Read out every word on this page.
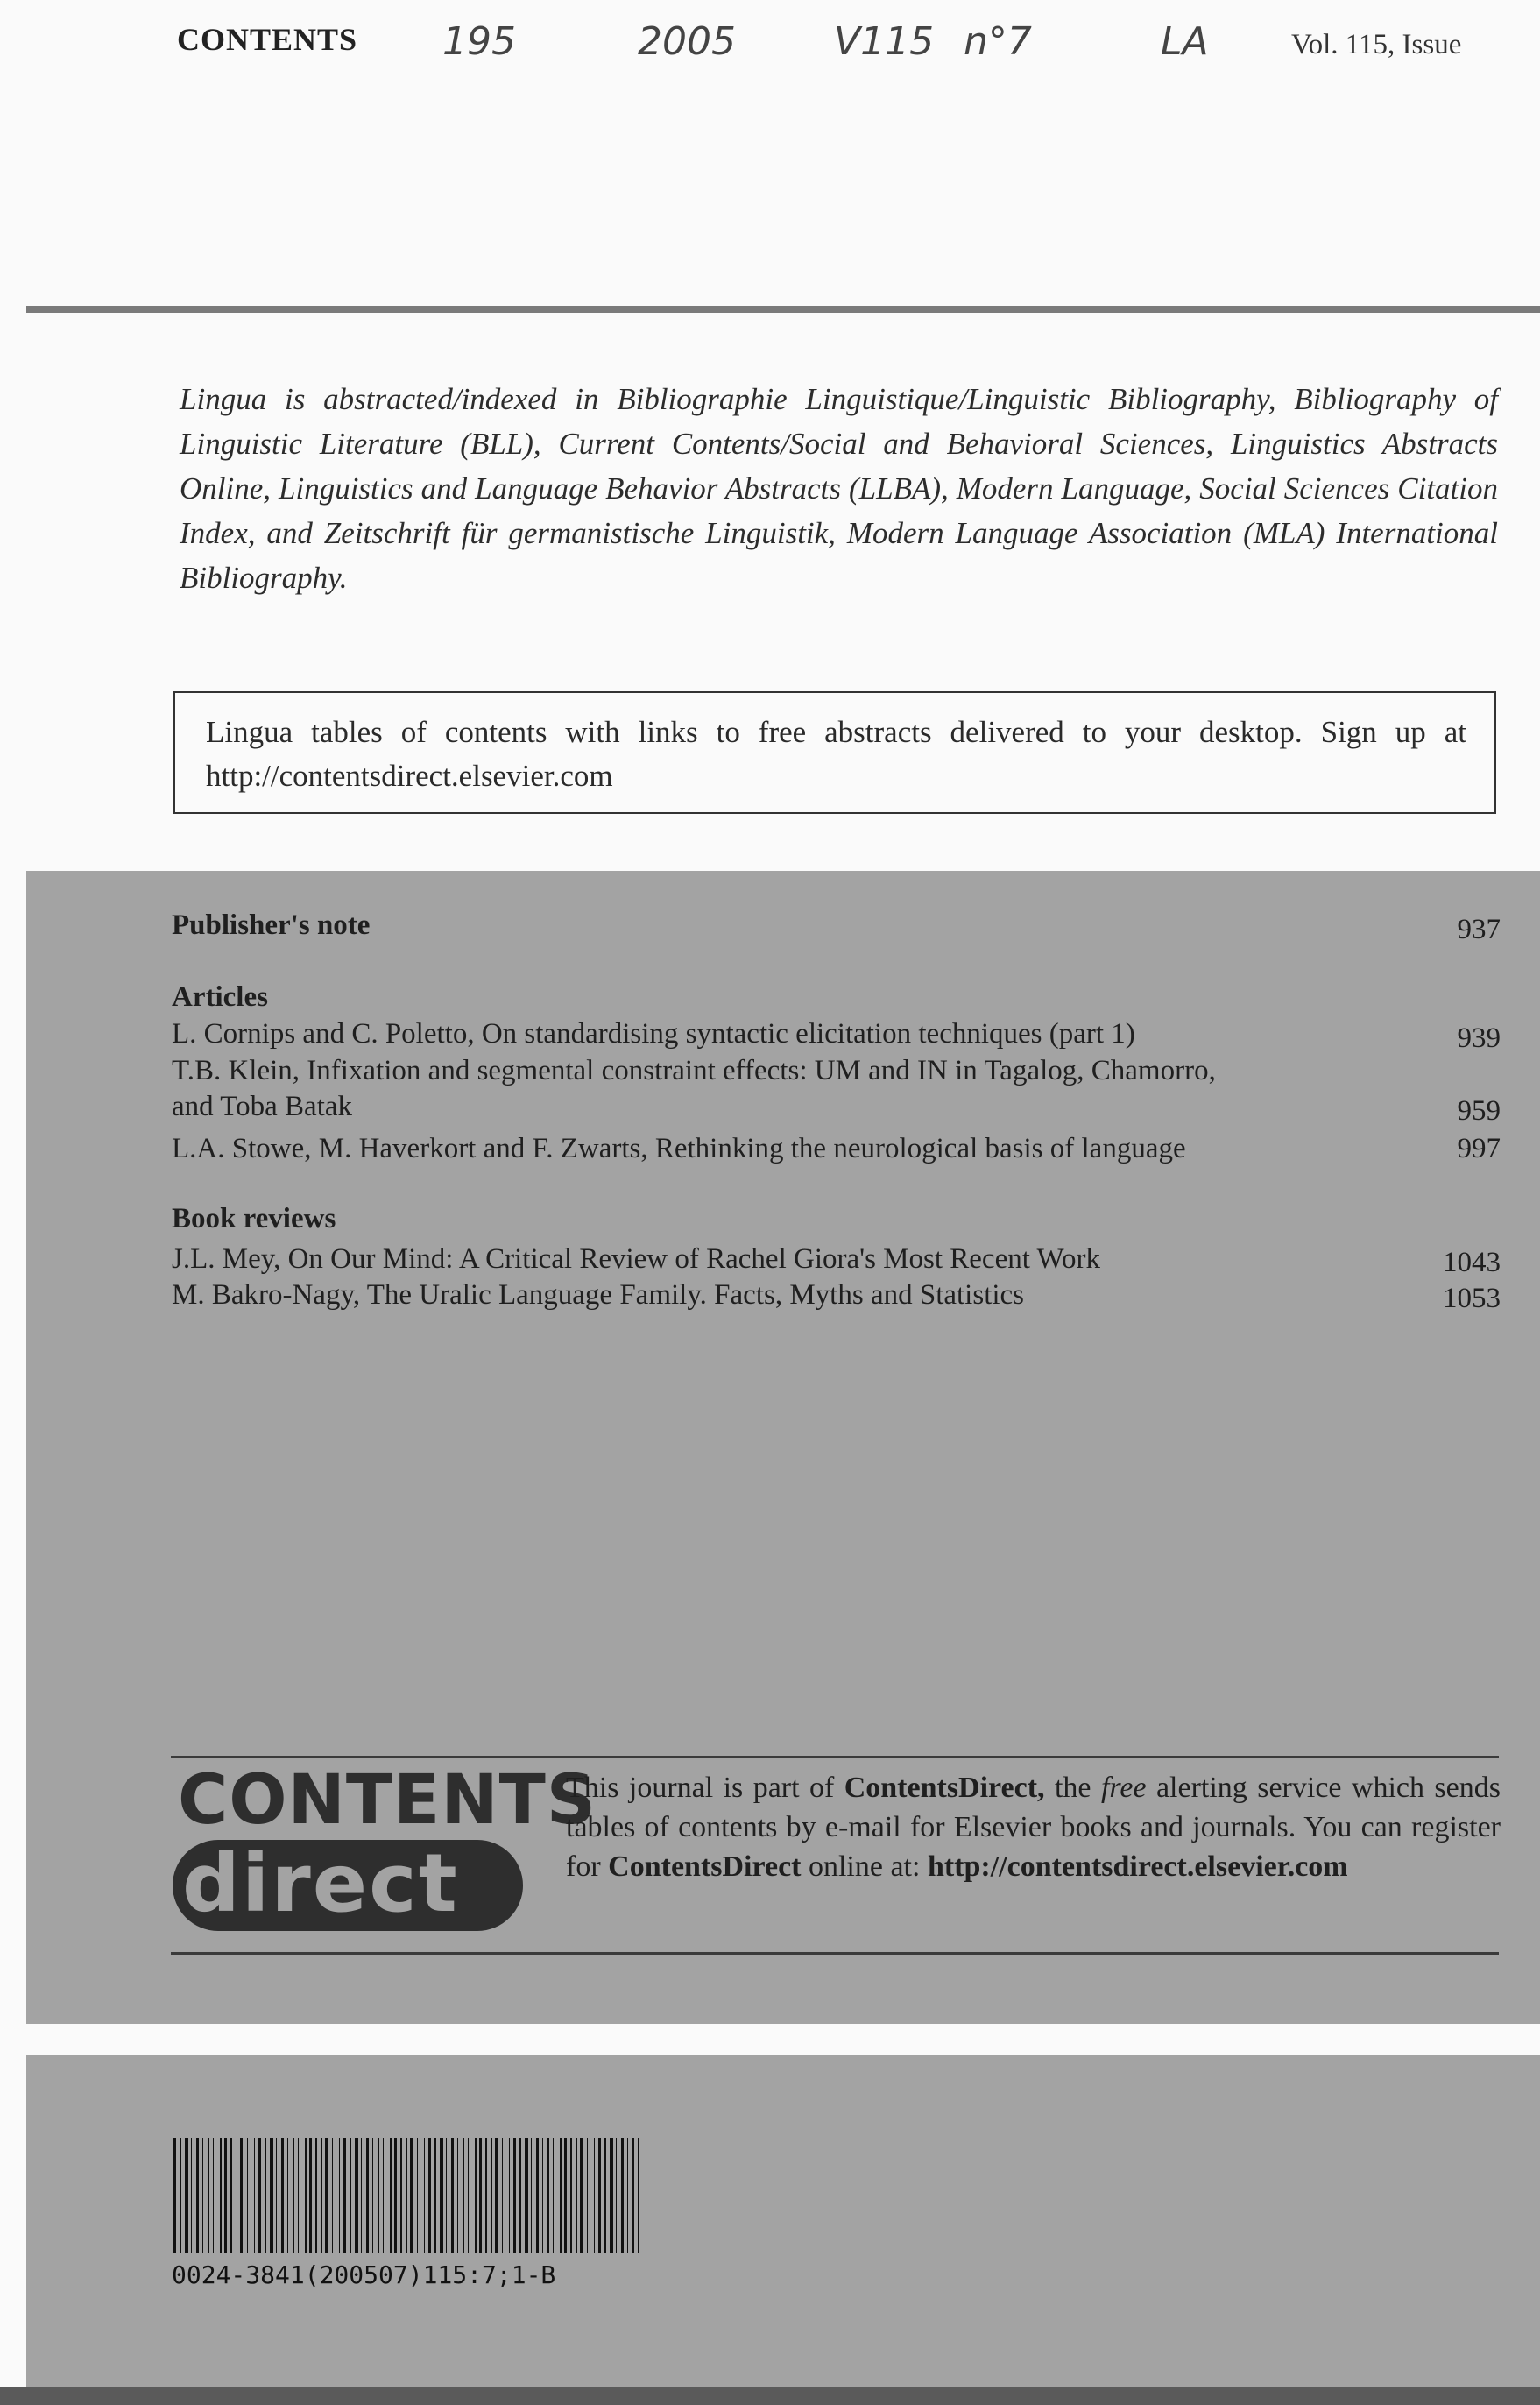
CONTENTS 195	2005	V115 n°7	LA	Vol. 115, Issue
Lingua is abstracted/indexed in Bibliographie Linguistique/Linguistic Bibliography, Bibliography of Linguistic Literature (BLL), Current Contents/Social and Behavioral Sciences, Linguistics Abstracts Online, Linguistics and Language Behavior Abstracts (LLBA), Modern Language, Social Sciences Citation Index, and Zeitschrift für germanistische Linguistik, Modern Language Association (MLA) International Bibliography.
Lingua tables of contents with links to free abstracts delivered to your desktop. Sign up at http://contentsdirect.elsevier.com
Publisher's note	937
Articles
L. Cornips and C. Poletto, On standardising syntactic elicitation techniques (part 1)	939
T.B. Klein, Infixation and segmental constraint effects: UM and IN in Tagalog, Chamorro,
and Toba Batak	959
L.A. Stowe, M. Haverkort and F. Zwarts, Rethinking the neurological basis of language	997
Book reviews
J.L. Mey, On Our Mind: A Critical Review of Rachel Giora's Most Recent Work	1043
M. Bakro-Nagy, The Uralic Language Family. Facts, Myths and Statistics	1053
CONTENTS
direct
This journal is part of ContentsDirect, the free alerting service which sends tables of contents by e-mail for Elsevier books and journals. You can register for ContentsDirect online at: http://contentsdirect.elsevier.com
0024-3841(200507)115:7;1-B
